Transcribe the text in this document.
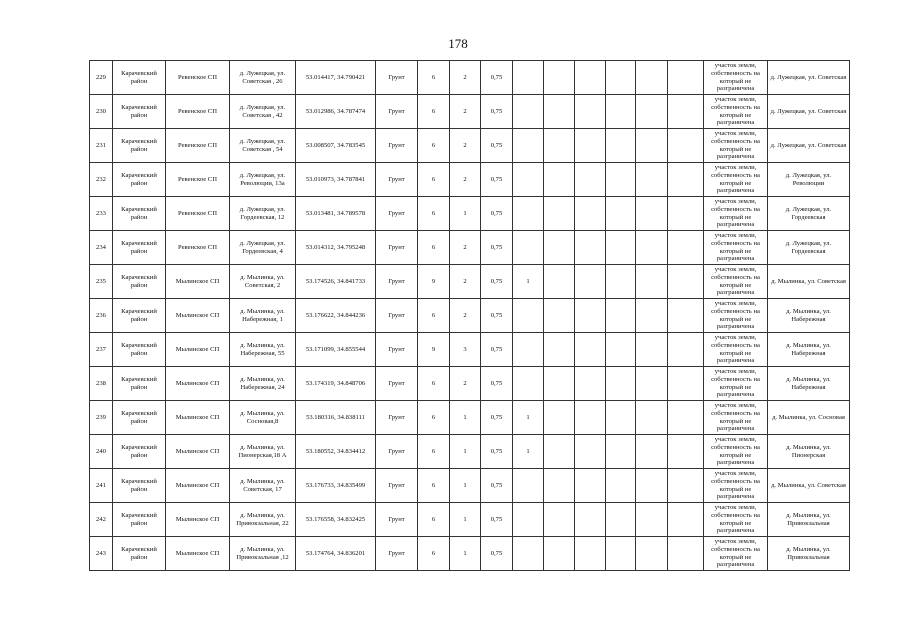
178
229	Карачевский район	Ревенское СП	д. Лужецкая, ул. Советская , 26	53.014417, 34.790421	Грунт	6	2	0,75							участок земли, собственность на который не разграничена	д. Лужецкая, ул. Советская
230	Карачевский район	Ревенское СП	д. Лужецкая, ул. Советская , 42	53.012986, 34.787474	Грунт	6	2	0,75							участок земли, собственность на который не разграничена	д. Лужецкая, ул. Советская
231	Карачевский район	Ревенское СП	д. Лужецкая, ул. Советская , 54	53.008507, 34.783545	Грунт	6	2	0,75							участок земли, собственность на который не разграничена	д. Лужецкая, ул. Советская
232	Карачевский район	Ревенское СП	д. Лужецкая, ул. Революции, 13а	53.010973, 34.787841	Грунт	6	2	0,75							участок земли, собственность на который не разграничена	д. Лужецкая, ул. Революции
233	Карачевский район	Ревенское СП	д. Лужецкая, ул. Гордеевская, 12	53.013481, 34.789578	Грунт	6	1	0,75							участок земли, собственность на который не разграничена	д. Лужецкая, ул. Гордеевская
234	Карачевский район	Ревенское СП	д. Лужецкая, ул. Гордеевская, 4	53.014312, 34.795248	Грунт	6	2	0,75							участок земли, собственность на который не разграничена	д. Лужецкая, ул. Гордеевская
235	Карачевский район	Мылинское СП	д. Мылинка, ул. Советская, 2	53.174526, 34.841733	Грунт	9	2	0,75	1						участок земли, собственность на который не разграничена	д. Мылинка, ул. Советская
236	Карачевский район	Мылинское СП	д. Мылинка, ул. Набережная, 1	53.176622, 34.844236	Грунт	6	2	0,75							участок земли, собственность на который не разграничена	д. Мылинка, ул. Набережная
237	Карачевский район	Мылинское СП	д. Мылинка, ул. Набережная, 55	53.171099, 34.855544	Грунт	9	3	0,75							участок земли, собственность на который не разграничена	д. Мылинка, ул. Набережная
238	Карачевский район	Мылинское СП	д. Мылинка, ул. Набережная, 24	53.174319, 34.848706	Грунт	6	2	0,75							участок земли, собственность на который не разграничена	д. Мылинка, ул. Набережная
239	Карачевский район	Мылинское СП	д. Мылинка, ул. Сосновая,8	53.180316, 34.838111	Грунт	6	1	0,75	1						участок земли, собственность на который не разграничена	д. Мылинка, ул. Сосновая
240	Карачевский район	Мылинское СП	д. Мылинка, ул. Пионерская,18 А	53.180552, 34.834412	Грунт	6	1	0,75	1						участок земли, собственность на который не разграничена	д. Мылинка, ул. Пионерская
241	Карачевский район	Мылинское СП	д. Мылинка, ул. Советская, 17	53.176733, 34.835499	Грунт	6	1	0,75							участок земли, собственность на который не разграничена	д. Мылинка, ул. Советская
242	Карачевский район	Мылинское СП	д. Мылинка, ул. Привокзальная, 22	53.176558, 34.832425	Грунт	6	1	0,75							участок земли, собственность на который не разграничена	д. Мылинка, ул. Привокзальная
243	Карачевский район	Мылинское СП	д. Мылинка, ул. Привокзальная ,12	53.174764, 34.836201	Грунт	6	1	0,75							участок земли, собственность на который не разграничена	д. Мылинка, ул. Привокзальная
